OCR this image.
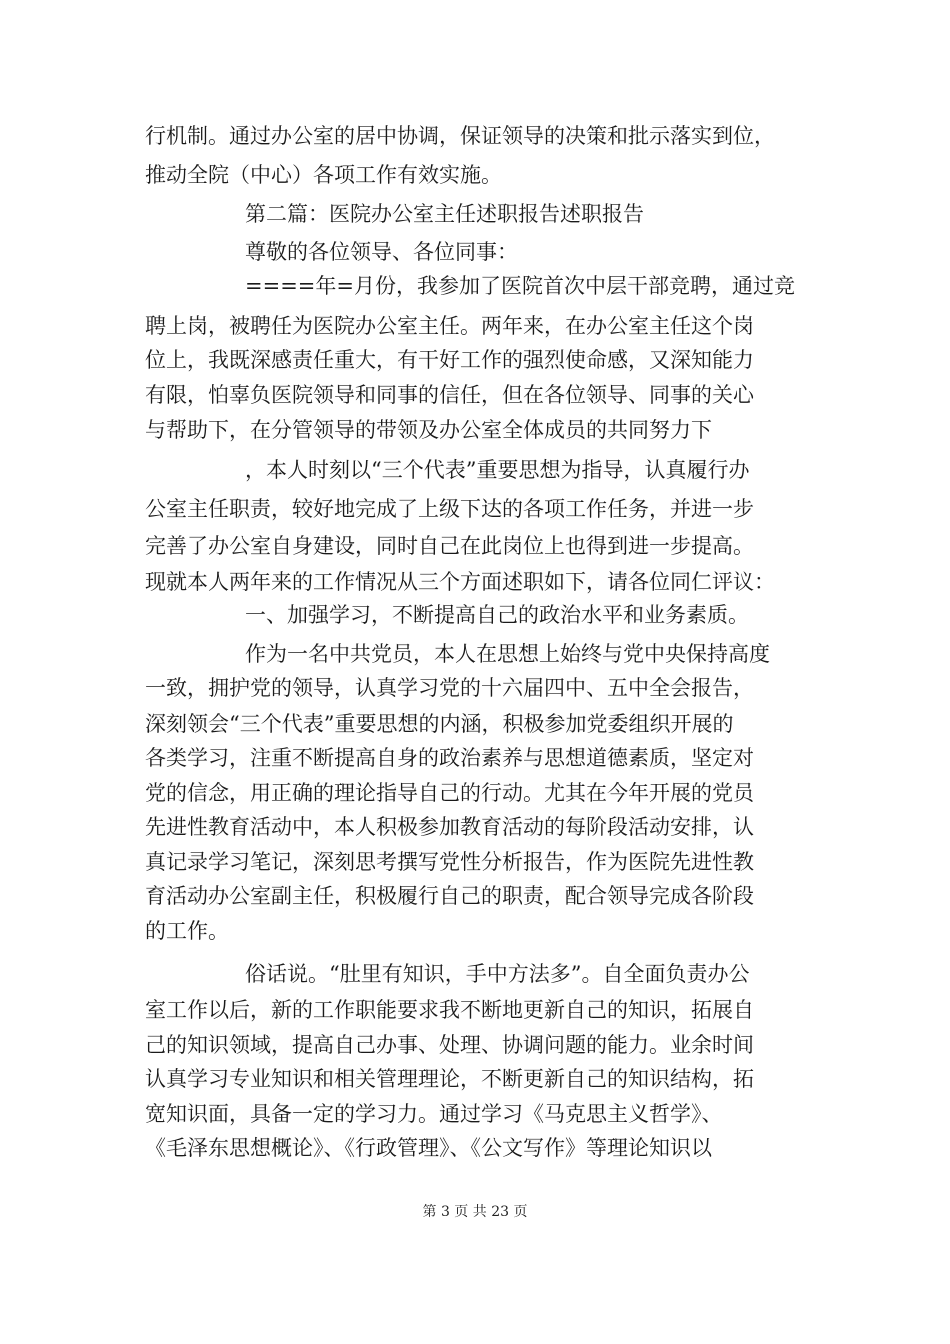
行机制。通过办公室的居中协调，保证领导的决策和批示落实到位，

推动全院（中心）各项工作有效实施。

第二篇：医院办公室主任述职报告述职报告

尊敬的各位领导、各位同事：

====年=月份，我参加了医院首次中层干部竞聘，通过竞

聘上岗，被聘任为医院办公室主任。两年来，在办公室主任这个岗

位上，我既深感责任重大，有干好工作的强烈使命感，又深知能力

有限，怕辜负医院领导和同事的信任，但在各位领导、同事的关心

与帮助下，在分管领导的带领及办公室全体成员的共同努力下

，本人时刻以“三个代表”重要思想为指导，认真履行办

公室主任职责，较好地完成了上级下达的各项工作任务，并进一步

完善了办公室自身建设，同时自己在此岗位上也得到进一步提高。

现就本人两年来的工作情况从三个方面述职如下，请各位同仁评议：

一、加强学习，不断提高自己的政治水平和业务素质。

作为一名中共党员，本人在思想上始终与党中央保持高度

一致，拥护党的领导，认真学习党的十六届四中、五中全会报告，

深刻领会“三个代表”重要思想的内涵，积极参加党委组织开展的

各类学习，注重不断提高自身的政治素养与思想道德素质，坚定对

党的信念，用正确的理论指导自己的行动。尤其在今年开展的党员

先进性教育活动中，本人积极参加教育活动的每阶段活动安排，认

真记录学习笔记，深刻思考撰写党性分析报告，作为医院先进性教

育活动办公室副主任，积极履行自己的职责，配合领导完成各阶段

的工作。

俗话说。“肚里有知识，手中方法多”。自全面负责办公

室工作以后，新的工作职能要求我不断地更新自己的知识，拓展自

己的知识领域，提高自己办事、处理、协调问题的能力。业余时间

认真学习专业知识和相关管理理论，不断更新自己的知识结构，拓

宽知识面，具备一定的学习力。通过学习《马克思主义哲学》、

《毛泽东思想概论》、《行政管理》、《公文写作》等理论知识以

第 3 页 共 23 页
